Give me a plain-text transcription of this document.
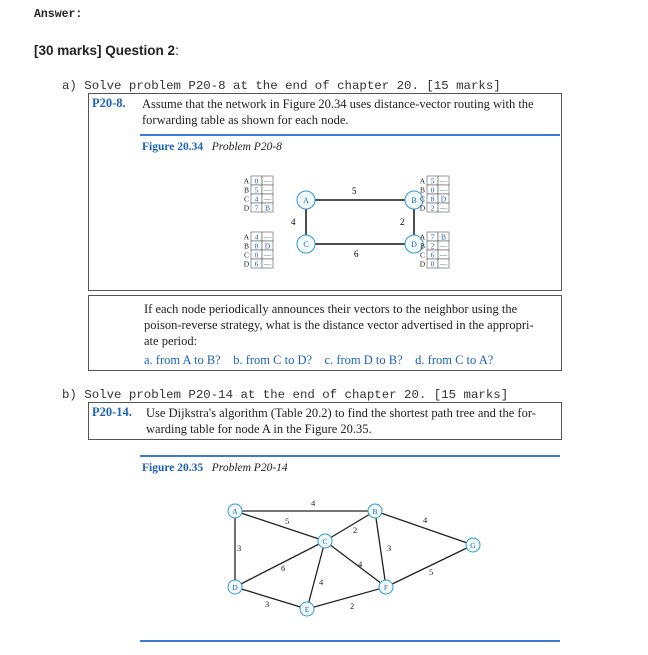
Answer:
[30 marks] Question 2:
a) Solve problem P20-8 at the end of chapter 20. [15 marks]
P20-8. Assume that the network in Figure 20.34 uses distance-vector routing with the
forwarding table as shown for each node.
Figure 20.34 Problem P20-8
5
2
6
4
A	B
C	D
A 0 —
B 5 —
C 4 —
D 7 B
A 4 —
B 8 D
C 0 —
D 6 —
A 5 —
B 0 —
C 8 D
D 2 —
A 7 B
B 2 —
C 6 —
D 0 —
If each node periodically announces their vectors to the neighbor using the
poison-reverse strategy, what is the distance vector advertised in the appropri-
ate period:
a. from A to B? b. from C to D? c. from D to B? d. from C to A?
b) Solve problem P20-14 at the end of chapter 20. [15 marks]
P20-14. Use Dijkstra's algorithm (Table 20.2) to find the shortest path tree and the for-
warding table for node A in the Figure 20.35.
Figure 20.35 Problem P20-14
4
5
3
2
3
4
4
4
6
3	2
5
A	B
C
D
E
F
G
